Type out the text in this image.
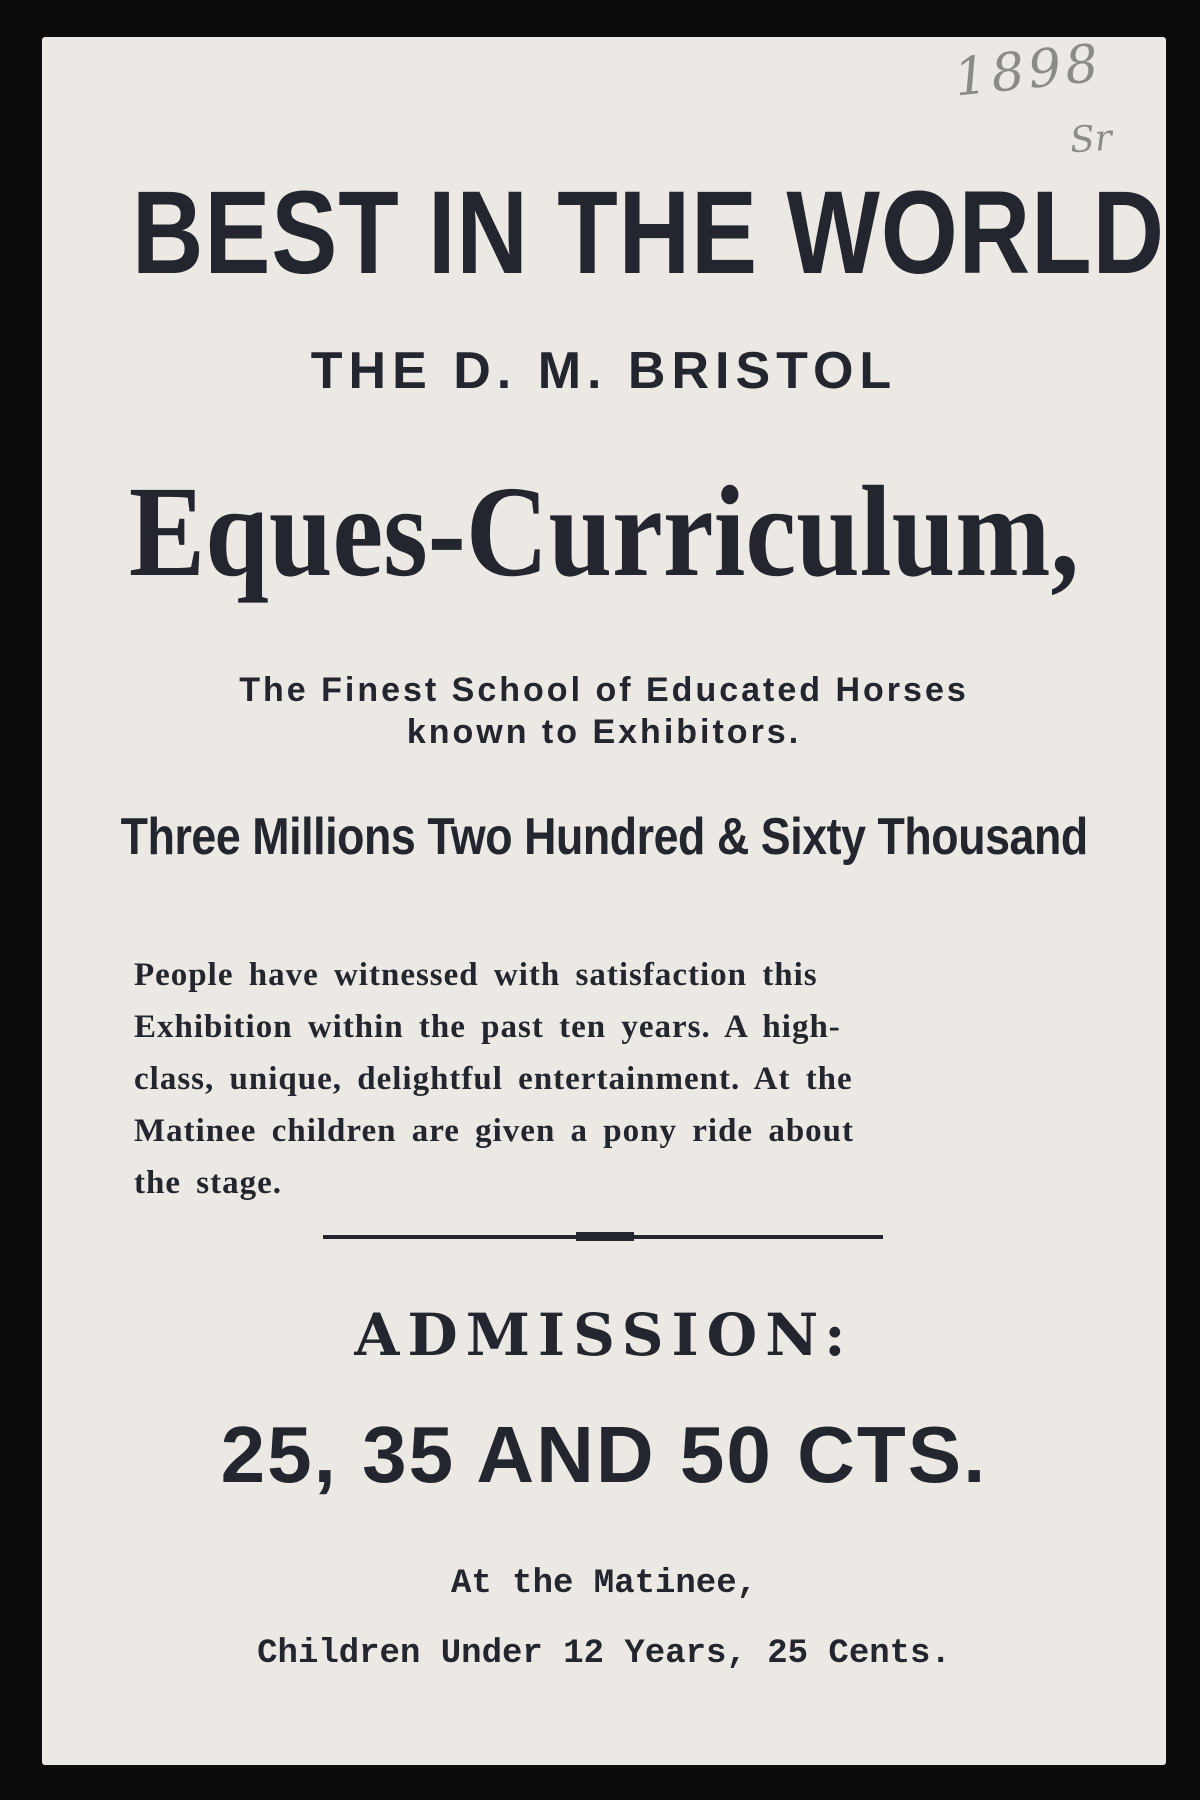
1898
Sr
BEST IN THE WORLD
THE D. M. BRISTOL
Eques-Curriculum,
The Finest School of Educated Horses
known to Exhibitors.
Three Millions Two Hundred & Sixty Thousand
People have witnessed with satisfaction this
Exhibition within the past ten years. A high-
class, unique, delightful entertainment. At the
Matinee children are given a pony ride about
the stage.
ADMISSION:
25, 35 AND 50 CTS.
At the Matinee,
Children Under 12 Years, 25 Cents.
